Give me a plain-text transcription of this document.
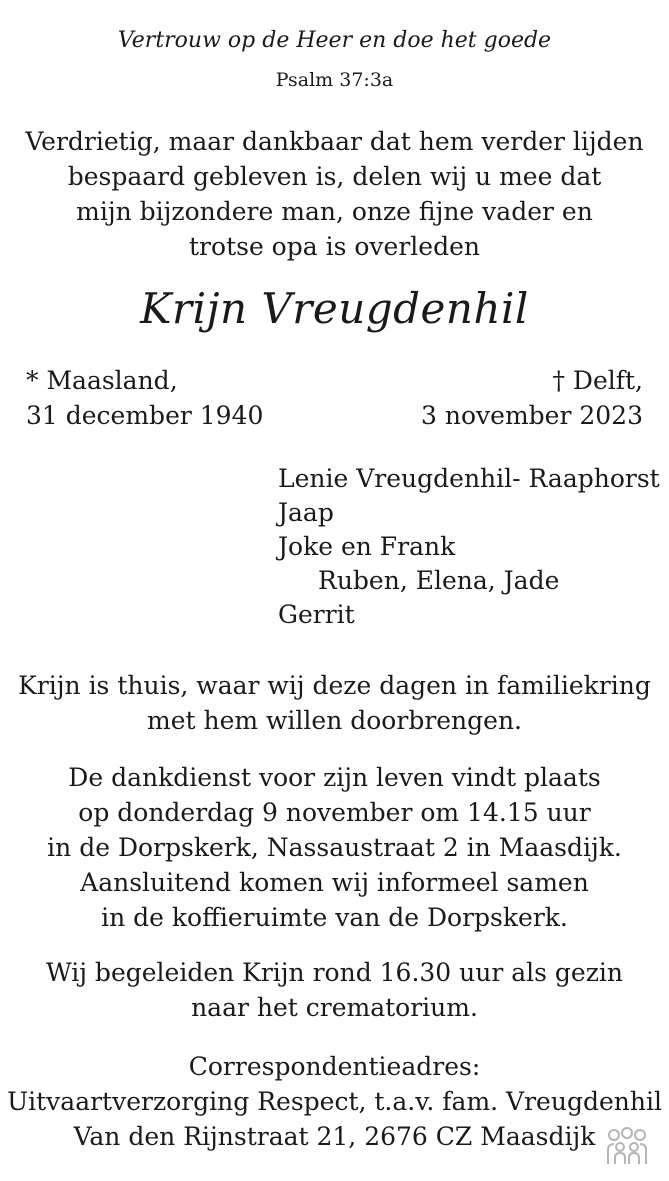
Vertrouw op de Heer en doe het goede
Psalm 37:3a
Verdrietig, maar dankbaar dat hem verder lijden
bespaard gebleven is, delen wij u mee dat
mijn bijzondere man, onze fijne vader en
trotse opa is overleden
Krijn Vreugdenhil
* Maasland,
31 december 1940
† Delft,
3 november 2023
Lenie Vreugdenhil- Raaphorst
Jaap
Joke en Frank
Ruben, Elena, Jade
Gerrit
Krijn is thuis, waar wij deze dagen in familiekring
met hem willen doorbrengen.
De dankdienst voor zijn leven vindt plaats
op donderdag 9 november om 14.15 uur
in de Dorpskerk, Nassaustraat 2 in Maasdijk.
Aansluitend komen wij informeel samen
in de koffieruimte van de Dorpskerk.
Wij begeleiden Krijn rond 16.30 uur als gezin
naar het crematorium.
Correspondentieadres:
Uitvaartverzorging Respect, t.a.v. fam. Vreugdenhil
Van den Rijnstraat 21, 2676 CZ Maasdijk
